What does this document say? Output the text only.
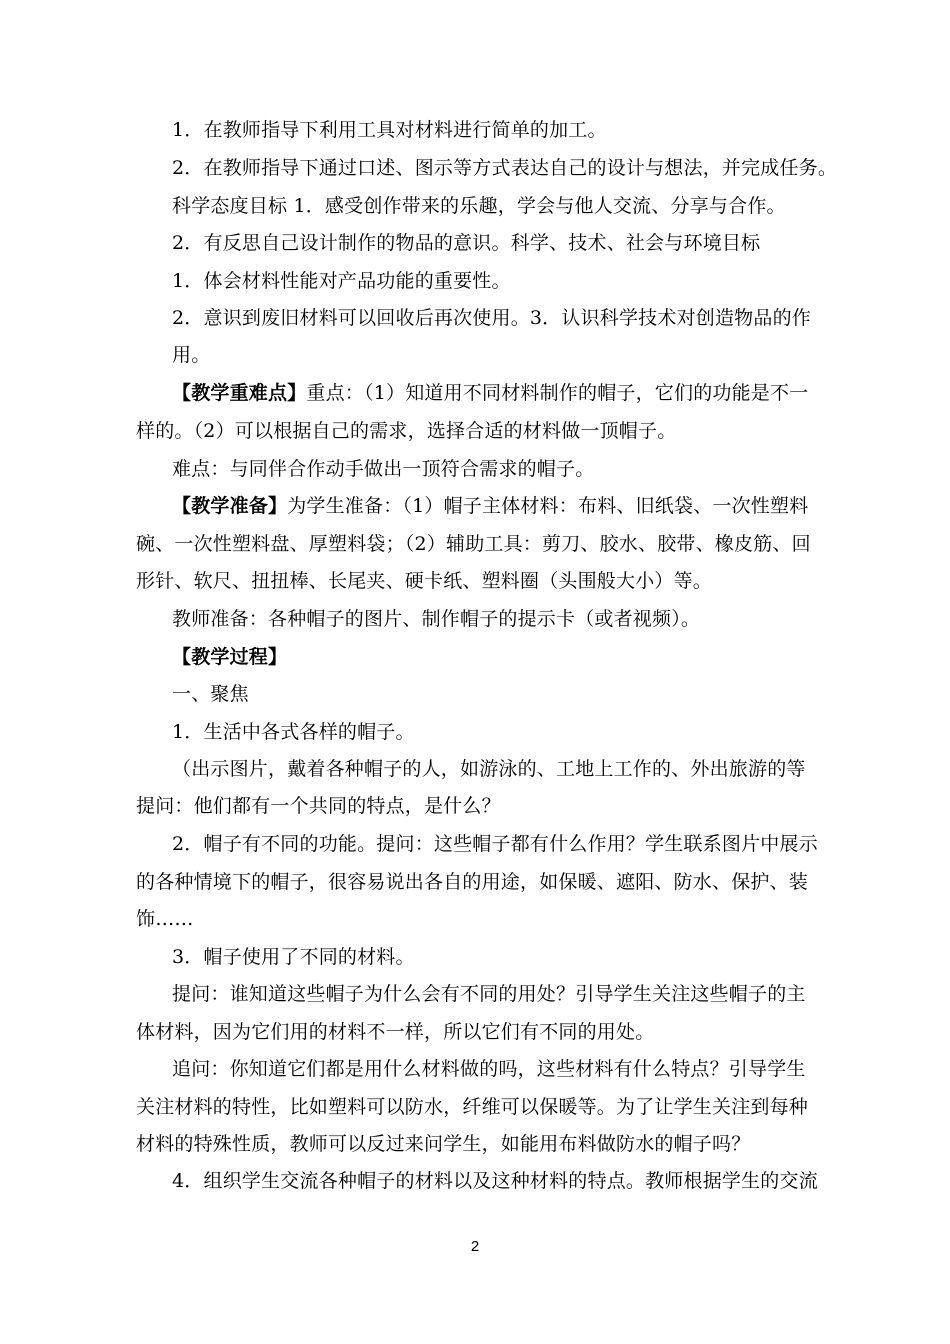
1．在教师指导下利用工具对材料进行简单的加工。
2．在教师指导下通过口述、图示等方式表达自己的设计与想法，并完成任务。
科学态度目标 1．感受创作带来的乐趣，学会与他人交流、分享与合作。
2．有反思自己设计制作的物品的意识。科学、技术、社会与环境目标
1．体会材料性能对产品功能的重要性。
2．意识到废旧材料可以回收后再次使用。3．认识科学技术对创造物品的作
用。
【教学重难点】重点：（1）知道用不同材料制作的帽子，它们的功能是不一
样的。（2）可以根据自己的需求，选择合适的材料做一顶帽子。
难点：与同伴合作动手做出一顶符合需求的帽子。
【教学准备】为学生准备：（1）帽子主体材料：布料、旧纸袋、一次性塑料
碗、一次性塑料盘、厚塑料袋；（2）辅助工具：剪刀、胶水、胶带、橡皮筋、回
形针、软尺、扭扭棒、长尾夹、硬卡纸、塑料圈（头围般大小）等。
教师准备：各种帽子的图片、制作帽子的提示卡（或者视频）。
【教学过程】
一、聚焦
1．生活中各式各样的帽子。
（出示图片，戴着各种帽子的人，如游泳的、工地上工作的、外出旅游的等
提问：他们都有一个共同的特点，是什么？
2．帽子有不同的功能。提问：这些帽子都有什么作用？学生联系图片中展示
的各种情境下的帽子，很容易说出各自的用途，如保暖、遮阳、防水、保护、装
饰……
3．帽子使用了不同的材料。
提问：谁知道这些帽子为什么会有不同的用处？引导学生关注这些帽子的主
体材料，因为它们用的材料不一样，所以它们有不同的用处。
追问：你知道它们都是用什么材料做的吗，这些材料有什么特点？引导学生
关注材料的特性，比如塑料可以防水，纤维可以保暖等。为了让学生关注到每种
材料的特殊性质，教师可以反过来问学生，如能用布料做防水的帽子吗？
4．组织学生交流各种帽子的材料以及这种材料的特点。教师根据学生的交流
2
